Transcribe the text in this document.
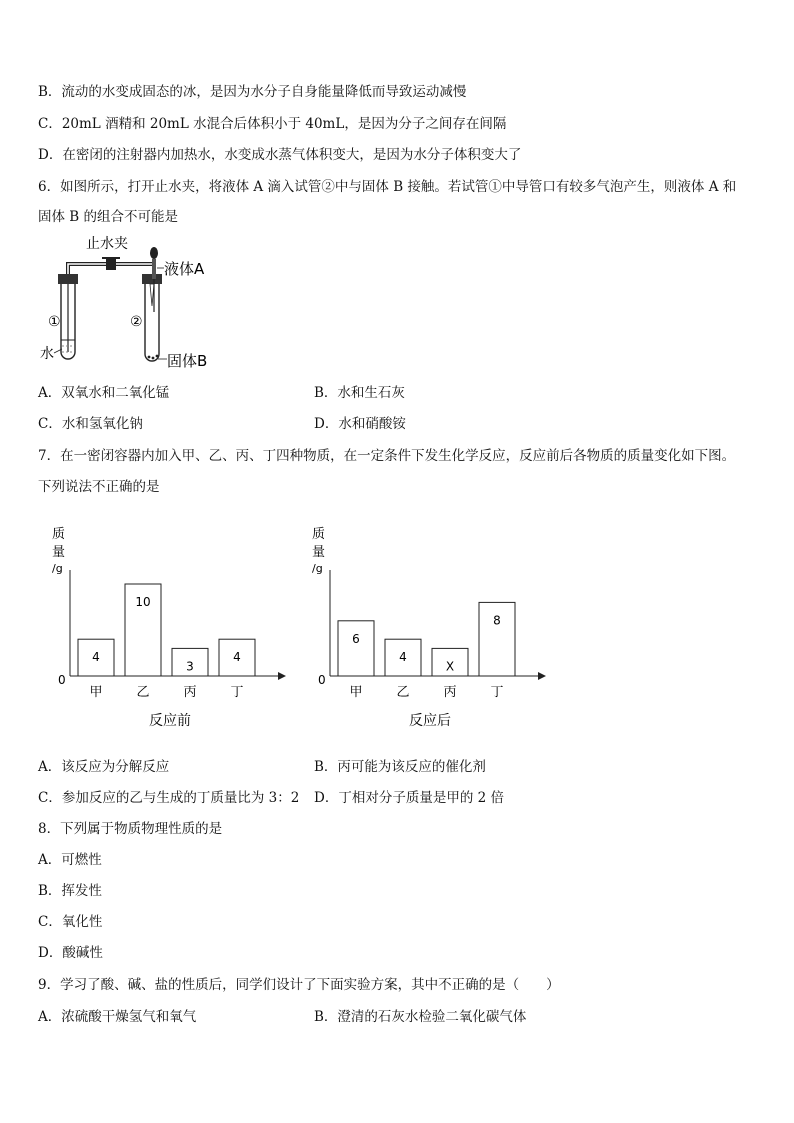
B．流动的水变成固态的冰，是因为水分子自身能量降低而导致运动减慢
C．20mL 酒精和 20mL 水混合后体积小于 40mL，是因为分子之间存在间隔
D．在密闭的注射器内加热水，水变成水蒸气体积变大，是因为水分子体积变大了
6．如图所示，打开止水夹，将液体 A 滴入试管②中与固体 B 接触。若试管①中导管口有较多气泡产生，则液体 A 和
固体 B 的组合不可能是
止水夹
①
水
②
液体A
固体B
A．双氧水和二氧化锰	B．水和生石灰
C．水和氢氧化钠	D．水和硝酸铵
7．在一密闭容器内加入甲、乙、丙、丁四种物质，在一定条件下发生化学反应，反应前后各物质的质量变化如下图。
下列说法不正确的是
质
量
/g
0
4
甲
10
乙
3
丙
4
丁
反应前
质
量
/g
0
6
甲
4
乙
X
丙
8
丁
反应后
A．该反应为分解反应	B．丙可能为该反应的催化剂
C．参加反应的乙与生成的丁质量比为 3：2 D．丁相对分子质量是甲的 2 倍
8．下列属于物质物理性质的是
A．可燃性
B．挥发性
C．氧化性
D．酸碱性
9．学习了酸、碱、盐的性质后，同学们设计了下面实验方案，其中不正确的是（　　）
A．浓硫酸干燥氢气和氧气	B．澄清的石灰水检验二氧化碳气体
